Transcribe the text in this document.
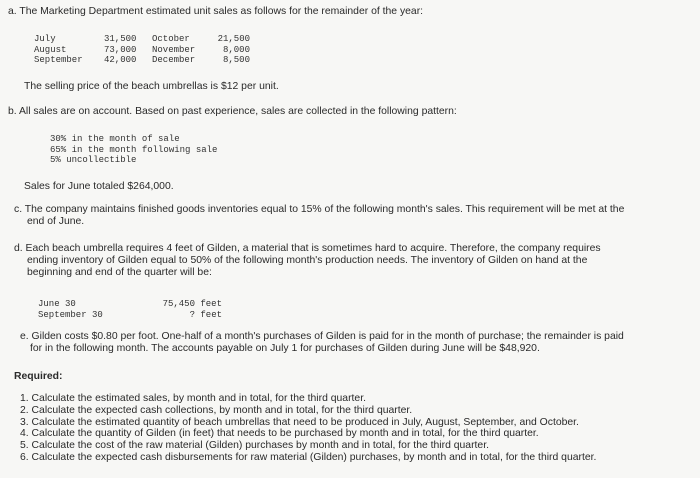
a. The Marketing Department estimated unit sales as follows for the remainder of the year:
July
August
September
31,500
73,000
42,000
October
November
December
21,500
8,000
8,500
The selling price of the beach umbrellas is $12 per unit.
b. All sales are on account. Based on past experience, sales are collected in the following pattern:
30% in the month of sale
65% in the month following sale
5% uncollectible
Sales for June totaled $264,000.
c. The company maintains finished goods inventories equal to 15% of the following month's sales. This requirement will be met at the
end of June.
d. Each beach umbrella requires 4 feet of Gilden, a material that is sometimes hard to acquire. Therefore, the company requires
ending inventory of Gilden equal to 50% of the following month's production needs. The inventory of Gilden on hand at the
beginning and end of the quarter will be:
June 30
September 30
75,450 feet
? feet
e. Gilden costs $0.80 per foot. One-half of a month's purchases of Gilden is paid for in the month of purchase; the remainder is paid
for in the following month. The accounts payable on July 1 for purchases of Gilden during June will be $48,920.
Required:
1. Calculate the estimated sales, by month and in total, for the third quarter.
2. Calculate the expected cash collections, by month and in total, for the third quarter.
3. Calculate the estimated quantity of beach umbrellas that need to be produced in July, August, September, and October.
4. Calculate the quantity of Gilden (in feet) that needs to be purchased by month and in total, for the third quarter.
5. Calculate the cost of the raw material (Gilden) purchases by month and in total, for the third quarter.
6. Calculate the expected cash disbursements for raw material (Gilden) purchases, by month and in total, for the third quarter.
